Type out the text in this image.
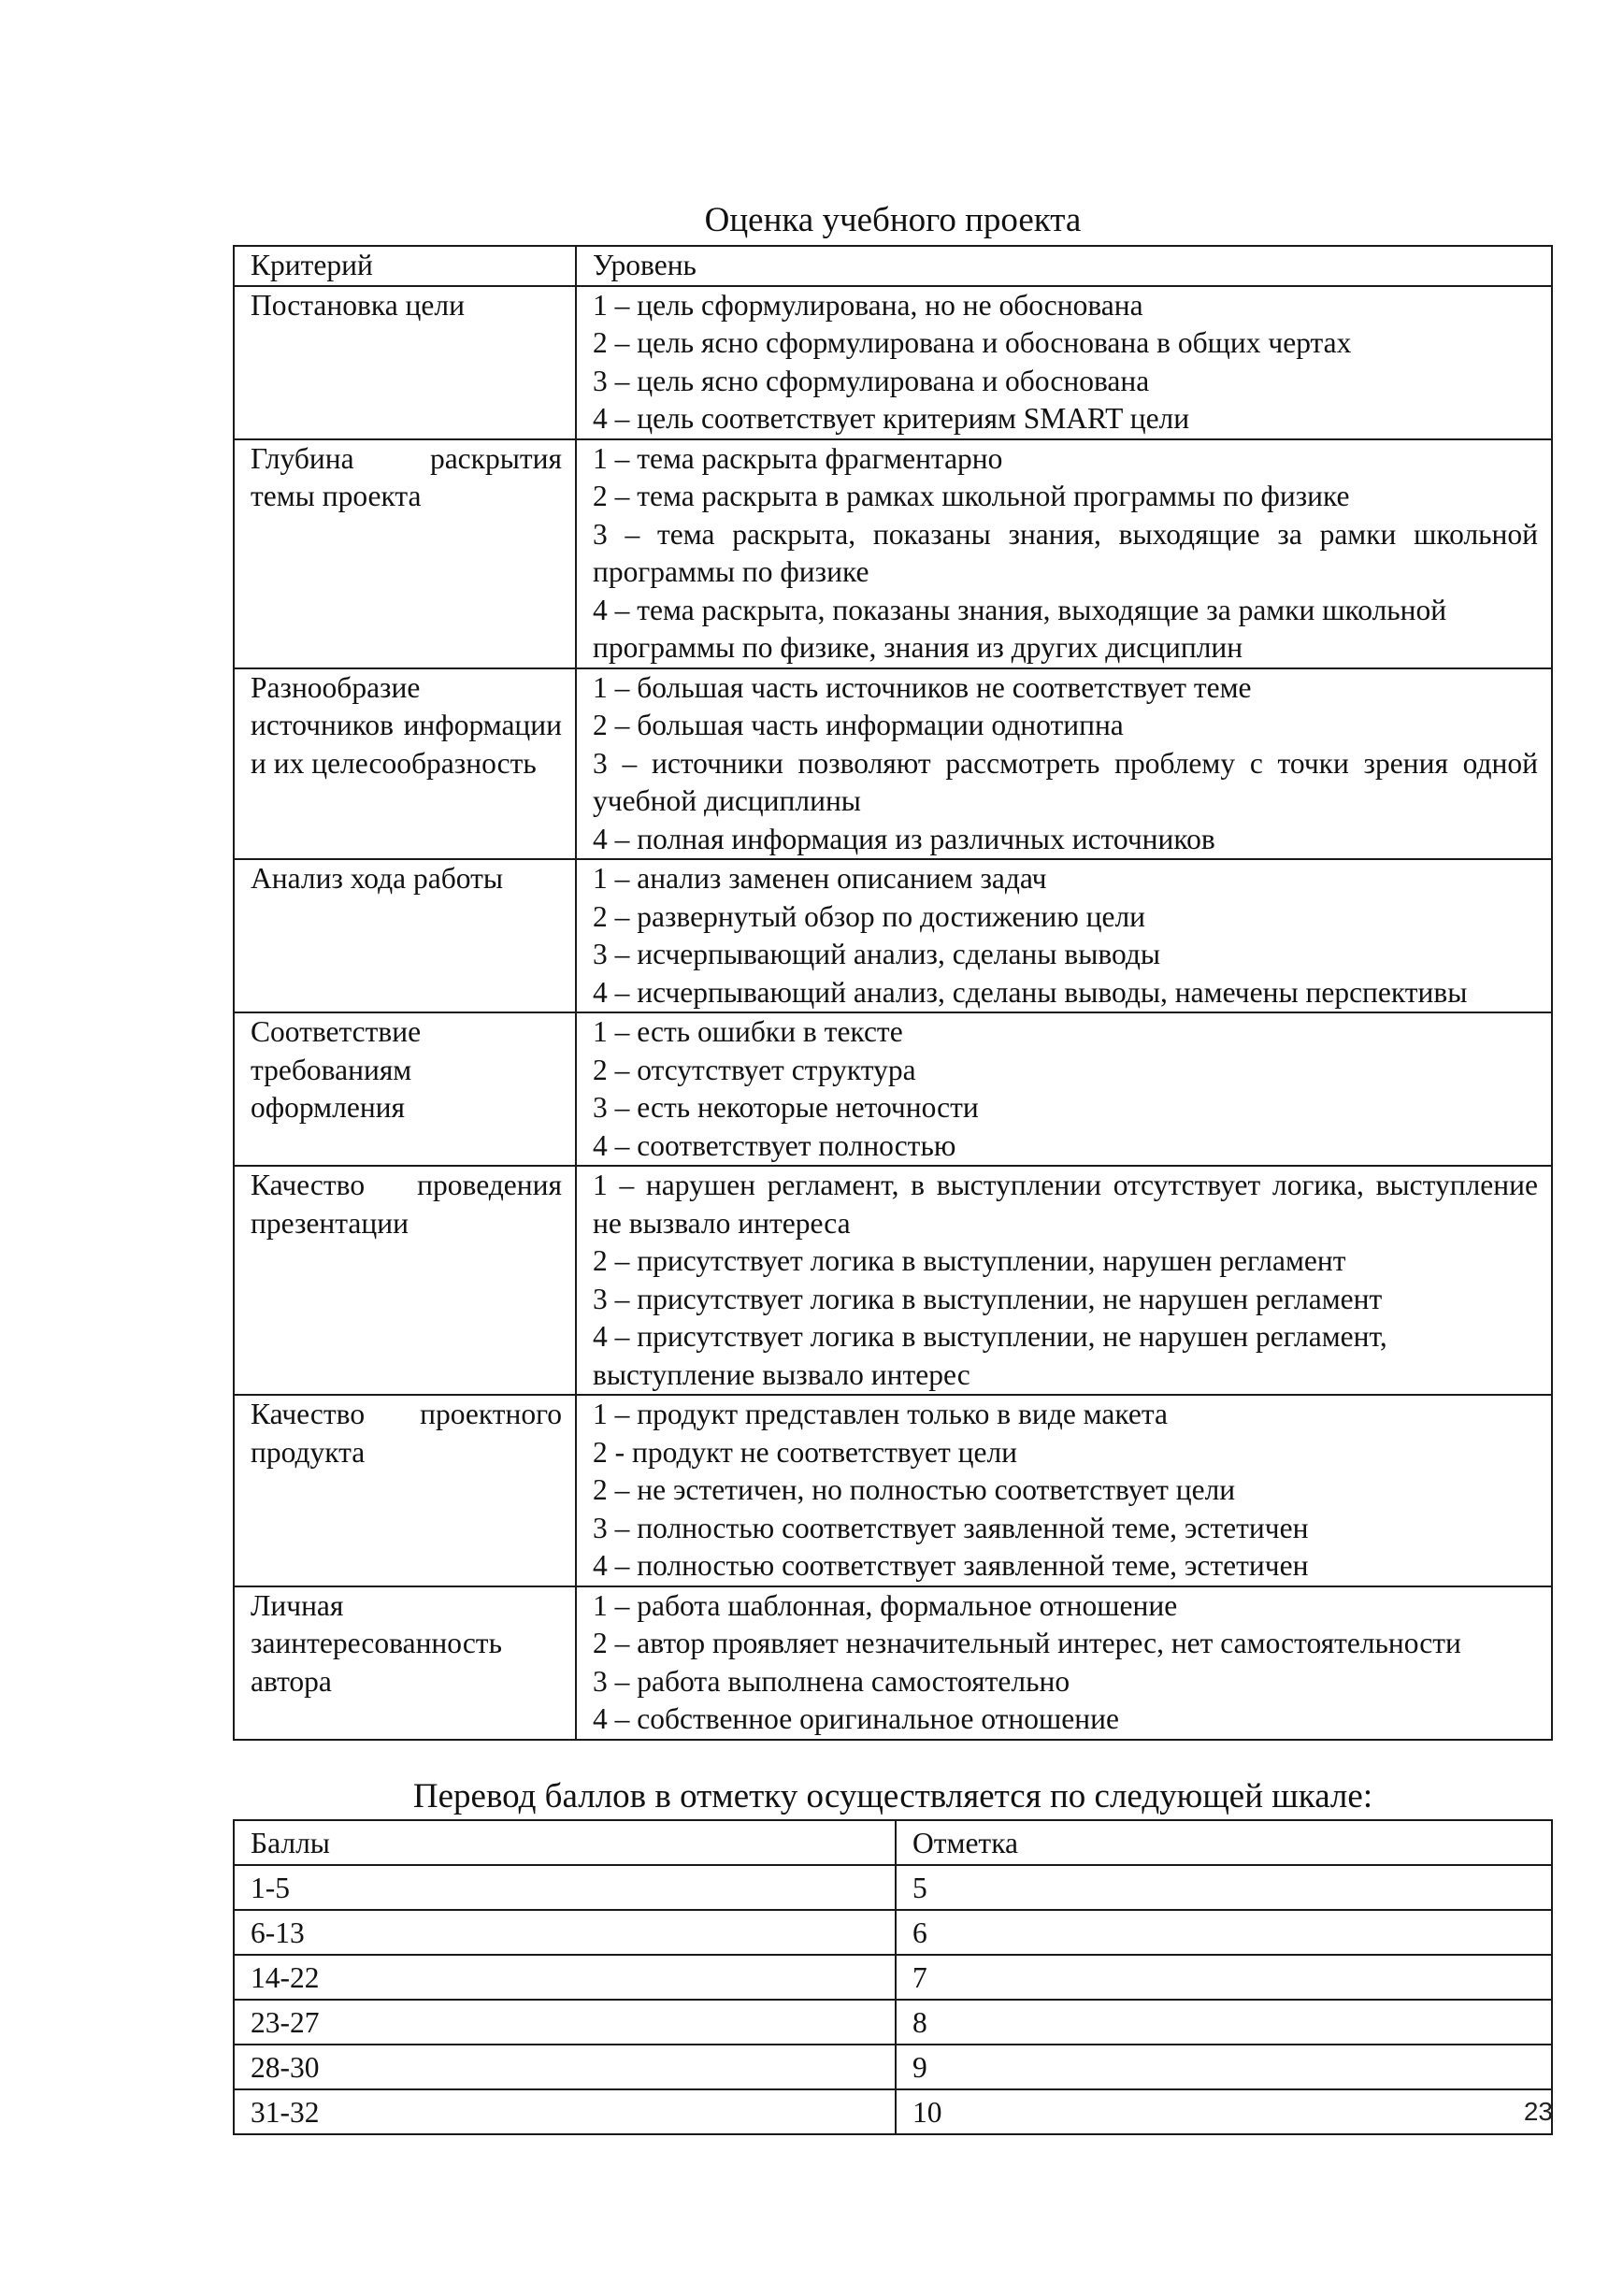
Оценка учебного проекта
Критерий	Уровень

Постановка цели	1 – цель сформулирована, но не обоснована
2 – цель ясно сформулирована и обоснована в общих чертах
3 – цель ясно сформулирована и обоснована
4 – цель соответствует критериям SMART цели

Глубина раскрытия темы проекта	1 – тема раскрыта фрагментарно
2 – тема раскрыта в рамках школьной программы по физике
3 – тема раскрыта, показаны знания, выходящие за рамки школьной программы по физике
4 – тема раскрыта, показаны знания, выходящие за рамки школьной программы по физике, знания из других дисциплин

Разнообразие источников информации и их целесообразность	1 – большая часть источников не соответствует теме
2 – большая часть информации однотипна
3 – источники позволяют рассмотреть проблему с точки зрения одной учебной дисциплины
4 – полная информация из различных источников

Анализ хода работы	1 – анализ заменен описанием задач
2 – развернутый обзор по достижению цели
3 – исчерпывающий анализ, сделаны выводы
4 – исчерпывающий анализ, сделаны выводы, намечены перспективы

Соответствие требованиям оформления	1 – есть ошибки в тексте
2 – отсутствует структура
3 – есть некоторые неточности
4 – соответствует полностью

Качество проведения презентации	1 – нарушен регламент, в выступлении отсутствует логика, выступление не вызвало интереса
2 – присутствует логика в выступлении, нарушен регламент
3 – присутствует логика в выступлении, не нарушен регламент
4 – присутствует логика в выступлении, не нарушен регламент, выступление вызвало интерес

Качество проектного продукта	1 – продукт представлен только в виде макета
2 - продукт не соответствует цели
2 – не эстетичен, но полностью соответствует цели
3 – полностью соответствует заявленной теме, эстетичен
4 – полностью соответствует заявленной теме, эстетичен

Личная заинтересованность автора	1 – работа шаблонная, формальное отношение
2 – автор проявляет незначительный интерес, нет самостоятельности
3 – работа выполнена самостоятельно
4 – собственное оригинальное отношение
Перевод баллов в отметку осуществляется по следующей шкале:
Баллы	Отметка
1-5	5
6-13	6
14-22	7
23-27	8
28-30	9
31-32	10	23
